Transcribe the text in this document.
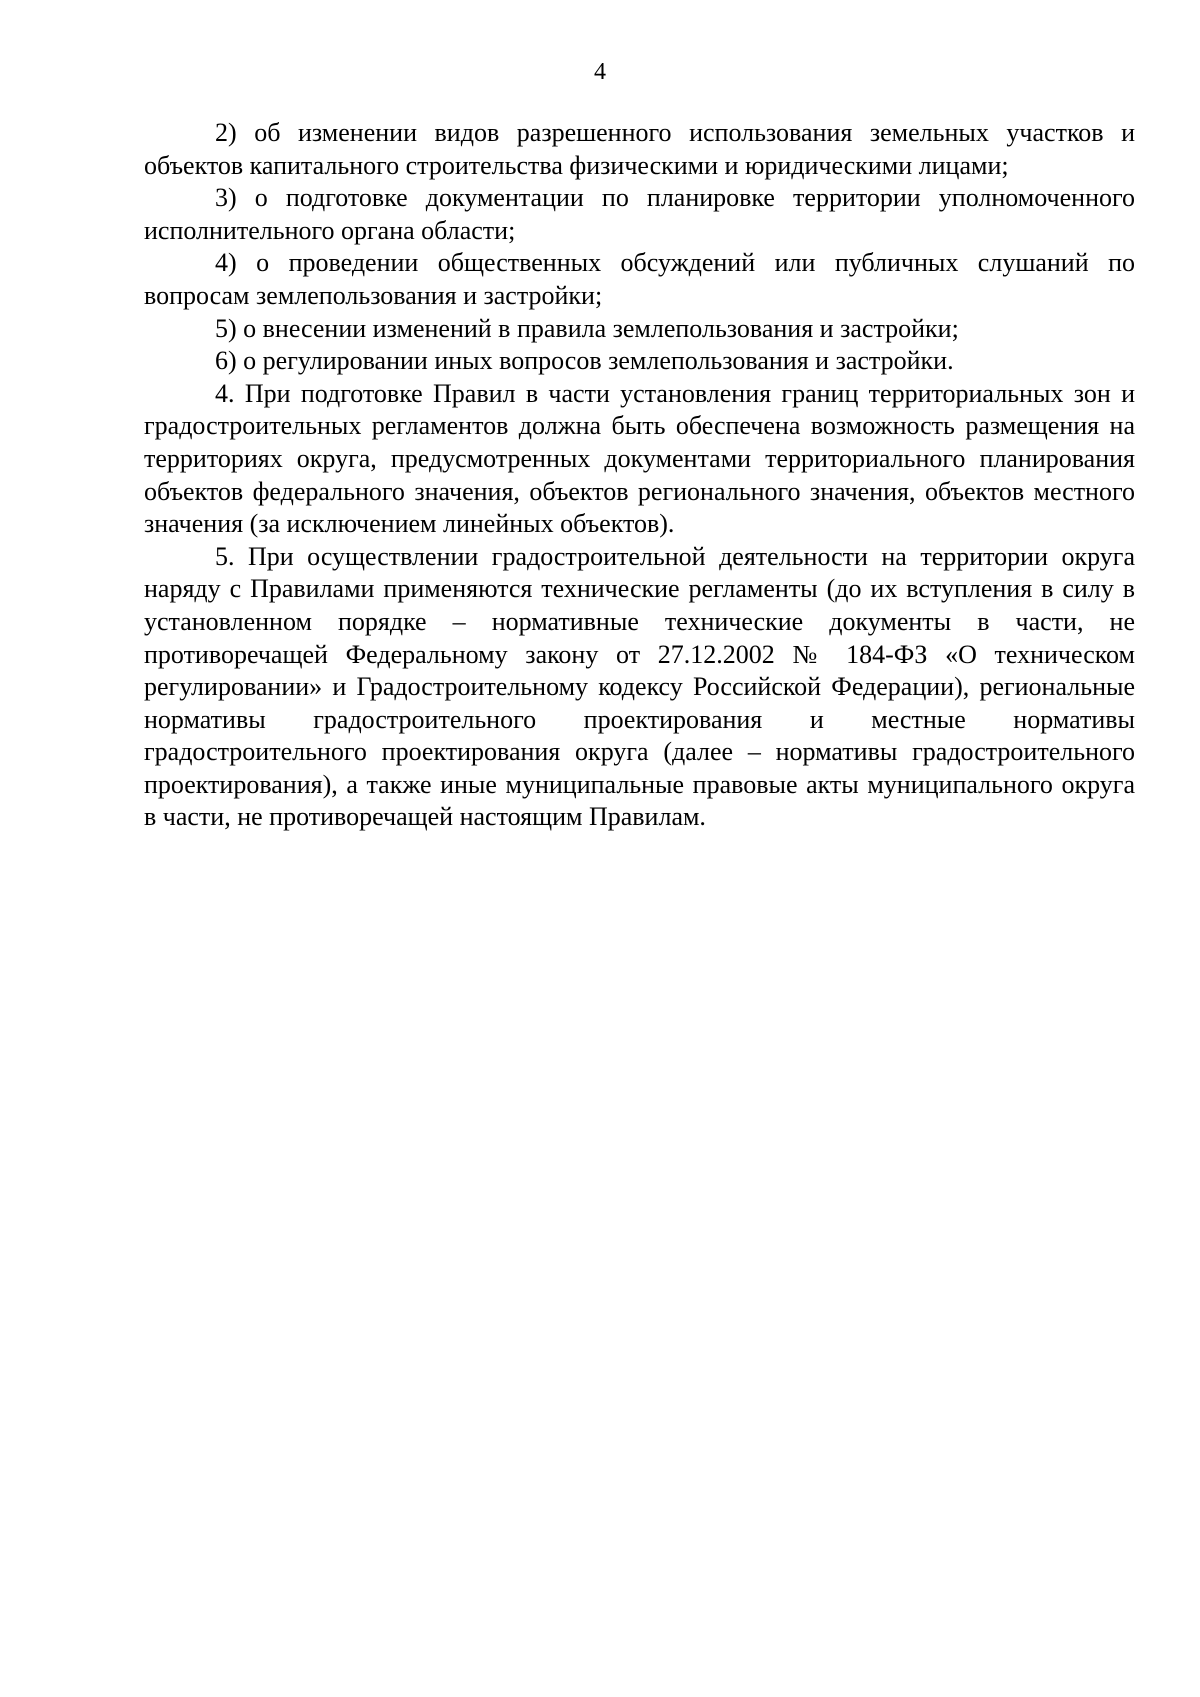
4

2) об изменении видов разрешенного использования земельных участков и объектов капитального строительства физическими и юридическими лицами;

3) о подготовке документации по планировке территории уполномоченного исполнительного органа области;

4) о проведении общественных обсуждений или публичных слушаний по вопросам землепользования и застройки;

5) о внесении изменений в правила землепользования и застройки;

6) о регулировании иных вопросов землепользования и застройки.

4. При подготовке Правил в части установления границ территориальных зон и градостроительных регламентов должна быть обеспечена возможность размещения на территориях округа, предусмотренных документами территориального планирования объектов федерального значения, объектов регионального значения, объектов местного значения (за исключением линейных объектов).

5. При осуществлении градостроительной деятельности на территории округа наряду с Правилами применяются технические регламенты (до их вступления в силу в установленном порядке – нормативные технические документы в части, не противоречащей Федеральному закону от 27.12.2002 № 184-ФЗ «О техническом регулировании» и Градостроительному кодексу Российской Федерации), региональные нормативы градостроительного проектирования и местные нормативы градостроительного проектирования округа (далее – нормативы градостроительного проектирования), а также иные муниципальные правовые акты муниципального округа в части, не противоречащей настоящим Правилам.
